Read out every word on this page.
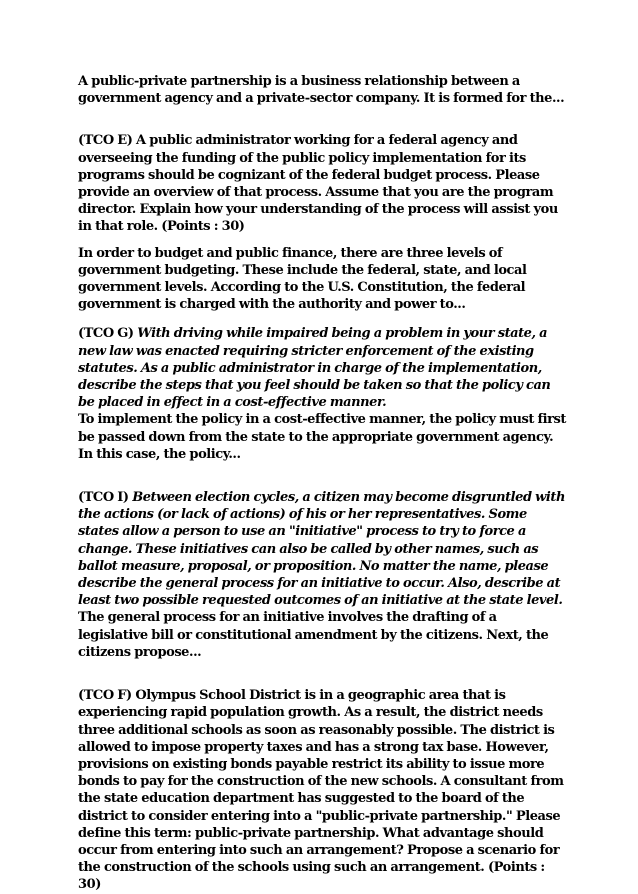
A public-private partnership is a business relationship between a government agency and a private-sector company. It is formed for the...

(TCO E) A public administrator working for a federal agency and overseeing the funding of the public policy implementation for its programs should be cognizant of the federal budget process. Please provide an overview of that process. Assume that you are the program director. Explain how your understanding of the process will assist you in that role. (Points : 30)

In order to budget and public finance, there are three levels of government budgeting. These include the federal, state, and local government levels. According to the U.S. Constitution, the federal government is charged with the authority and power to...

(TCO G) With driving while impaired being a problem in your state, a new law was enacted requiring stricter enforcement of the existing statutes. As a public administrator in charge of the implementation, describe the steps that you feel should be taken so that the policy can be placed in effect in a cost-effective manner.
To implement the policy in a cost-effective manner, the policy must first be passed down from the state to the appropriate government agency. In this case, the policy...

(TCO I) Between election cycles, a citizen may become disgruntled with the actions (or lack of actions) of his or her representatives. Some states allow a person to use an "initiative" process to try to force a change. These initiatives can also be called by other names, such as ballot measure, proposal, or proposition. No matter the name, please describe the general process for an initiative to occur. Also, describe at least two possible requested outcomes of an initiative at the state level.
The general process for an initiative involves the drafting of a legislative bill or constitutional amendment by the citizens. Next, the citizens propose...

(TCO F) Olympus School District is in a geographic area that is experiencing rapid population growth. As a result, the district needs three additional schools as soon as reasonably possible. The district is allowed to impose property taxes and has a strong tax base. However, provisions on existing bonds payable restrict its ability to issue more bonds to pay for the construction of the new schools. A consultant from the state education department has suggested to the board of the district to consider entering into a "public-private partnership." Please define this term: public-private partnership. What advantage should occur from entering into such an arrangement? Propose a scenario for the construction of the schools using such an arrangement. (Points : 30)
